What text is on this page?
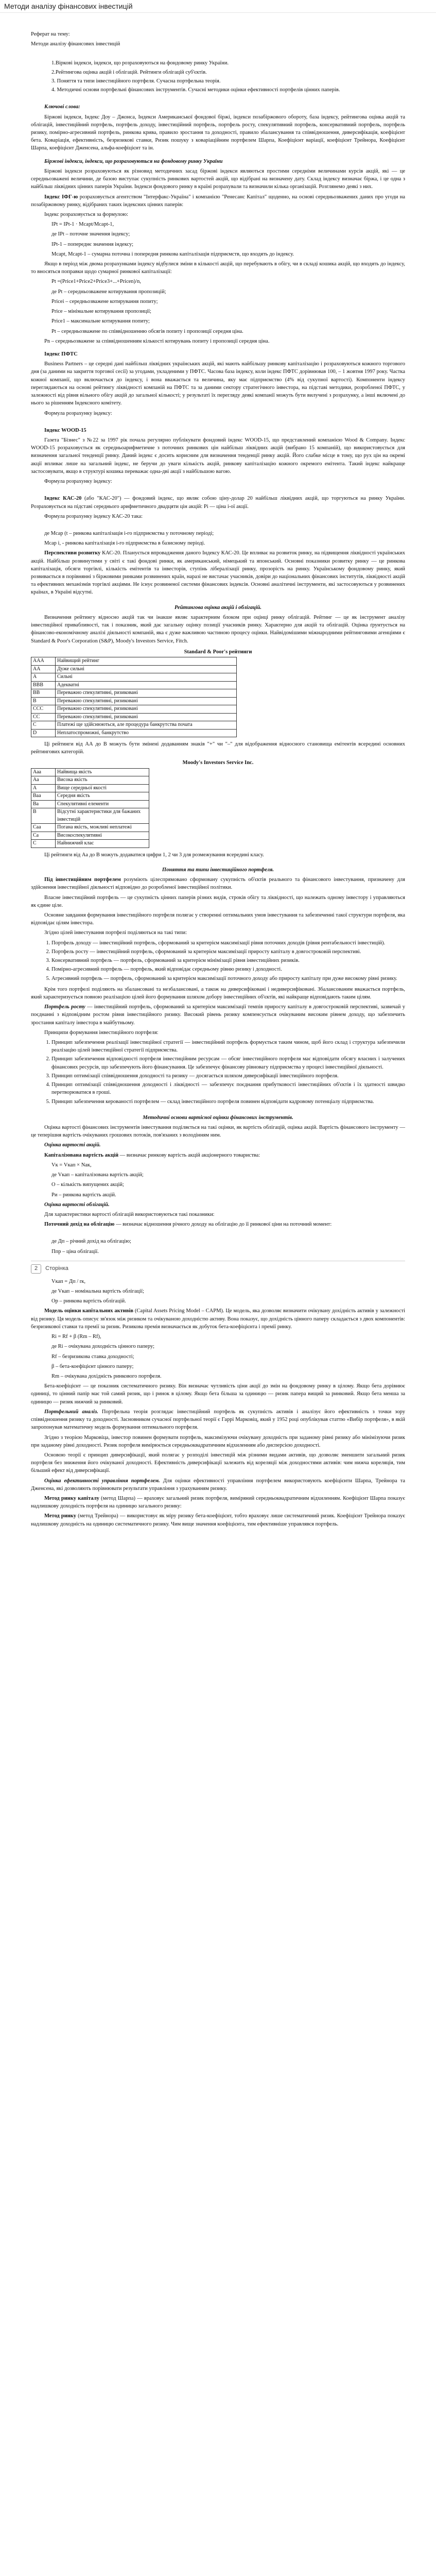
Методи аналізу фінансових інвестицій

Реферат на тему:

Методи аналізу фінансових інвестицій

1.Віркові індекси, індекси, що розраховуються на фондовому ринку України.
2.Рейтингова оцінка акцій і облігацій. Рейтинги облігацій суб'єктів.
3. Поняття та типи інвестиційного портфеля. Сучасна портфельна теорія.
4. Методичні основи портфельні фінансових інструментів. Сучасні методики оцінки ефективності портфелів цінних паперів.

Ключові слова:

Біржові індекси, Індекс Доу – Джонса, Індекси Американської фондової біржі, індекси позабіржового обороту, база індексу, рейтингова оцінка акцій та облігацій, інвестиційний портфель, портфель доходу, інвестиційний портфель, портфель росту, спекулятивний портфель, консервативний портфель, портфель ризику, помірно-агресивний портфель, ринкова крива, правило зростання та доходності, правило збалансування та співвідношення, диверсифікація, коефіцієнт бета. Коваріація, ефективність, безризикові ставки, Ризик пошуку з коваріаційним портфелем Шарпа, Коефіцієнт варіації, коефіцієнт Трейнора, Коефіцієнт Шарпа, коефіцієнт Дженсена, альфа-коефіцієнт та ін.

Біржові індекси, індекси, що розраховуються на фондовому ринку України

Біржові індекси розраховуються як різновид методичних засад біржові індекси являються простими середніми величинами курсів акцій, які — це середньозважені величини, де базою виступає сукупність ринкових вартостей акцій, що відібрані на визначену дату. Склад індексу визначає біржа, і це одна з найбільш ліквідних цінних паперів України. Індекси фондового ринку в країні розрахували та визначили кілька організацій. Розглянемо деякі з них.

Індекс ІФГ-ю розраховується агентством "Інтерфакс-Україна" і компанією "Ренесанс Капітал" щоденно, на основі середньозважених даних про угоди на позабіржовому ринку, відібраних таких індексних цінних паперів:

Індекс розраховується за формулою:

IРt = ІРt-1 · Mcapt/Mcapt-1,

де ІРt – поточне значення індексу;

ІРt-1 – попереднє значення індексу;

Mcapt, Mcapt-1 – сумарна поточна і попередня ринкова капіталізація підприємств, що входять до індексу.

Якщо в період між двома розрахунками індексу відбулися зміни в кількості акцій, що перебувають в обігу, чи в складі кошика акцій, що входять до індексу, то вносяться поправки щодо сумарної ринкової капіталізації:

Рt =(Price1+Price2+Price3+...+Pricen)/n,

де Рt – середньозважене котирування пропозицій;

Pricei – середньозважене котирування попиту;

Price – мінімальне котирування пропозиції;

Price1 – максимальне котирування попиту;

Pt – середньозважене по співвідношенню обсягів попиту і пропозиції середня ціна.

Pn – середньозважене за співвідношенням кількості котирувань попиту і пропозиції середня ціна.

Індекс ПФТС

Business Partners – це середні дані найбільш ліквідних українських акцій, які мають найбільшу ринкову капіталізацію і розраховуються кожного торгового дня (за даними на закриття торгової сесії) за угодами, укладеними у ПФТС. Часова база індексу, коли індекс ПФТС дорівнював 100, – 1 жовтня 1997 року. Частка кожної компанії, що включається до індексу, і вона вважається та величина, яку має підприємство (4% від сукупної вартості). Компоненти індексу переглядаються на основі рейтингу ліквідності компаній на ПФТС та за даними сектору стратегічного інвестора, на підставі методики, розробленої ПФТС, у залежності від рівня вільного обігу акцій до загальної кількості; у результаті їх перегляду деякі компанії можуть бути вилучені з розрахунку, а інші включені до нього за рішенням Індексного комітету.

Формула розрахунку індексу:

Індекс WOOD-15

Газета "Бізнес" з №22 за 1997 рік почала регулярно публікувати фондовий індекс WOOD-15, що представлений компанією Wood & Company. Індекс WOOD-15 розраховується як середньоарифметичне з поточних ринкових цін найбільш ліквідних акцій (вибрано 15 компаній), що використовується для визначення загальної тенденції ринку. Даний індекс є досить корисним для визначення тенденції ринку акцій. Його слабке місце в тому, що рух цін на окремі акції впливає лише на загальний індекс, не беручи до уваги кількість акцій, ринкову капіталізацію кожного окремого емітента. Такий індекс найкраще застосовувати, якщо в структурі кошика переважає одна-дві акції з найбільшою вагою.

Формула розрахунку індексу:

Індекс КАС-20 (або "КАС-20") — фондовий індекс, що являє собою ціну-долар 20 найбільш ліквідних акцій, що торгуються на ринку України. Розраховується на підставі середнього арифметичного двадцяти цін акцій: Рi — ціна і-ої акції.

Формула розрахунку індексу КАС-20 така:

де Mcap (t – ринкова капіталізація і-го підприємства у поточному періоді;

Mcap i, - ринкова капіталізація і-го підприємства в базисному періоді.

Перспективи розвитку КАС-20. Планується впровадження даного Індексу КАС-20. Це впливає на розвиток ринку, на підвищення ліквідності українських акцій. Найбільш розвинутими у світі є такі фондові ринки, як американський, німецький та японський. Основні показники розвитку ринку — це ринкова капіталізація, обсяги торгівлі, кількість емітентів та інвесторів, ступінь лібералізації ринку, прозорість на ринку. Українському фондовому ринку, який розвивається в порівнянні з біржовими ринками розвинених країн, наразі не вистачає учасників, довіри до національних фінансових інститутів, ліквідності акцій та ефективних механізмів торгівлі акціями. Не існує розвиненої системи фінансових індексів. Основні аналітичні інструменти, які застосовуються у розвинених країнах, в Україні відсутні.

Рейтингова оцінка акцій і облігацій.

Визначення рейтингу відносно акцій так чи інакше являє характерним блоком при оцінці ринку облігацій. Рейтинг — це як інструмент аналізу інвестиційної привабливості, так і показник, який дає загальну оцінку позиції учасників ринку. Характерно для акцій та облігацій. Оцінка ґрунтується на фінансово-економічному аналізі діяльності компаній, яка є дуже важливою частиною процесу оцінки. Найвідомішими міжнародними рейтинговими агенціями є Standard & Poor's Corporation (S&P), Moody's Investors Service, Fitch.

Standard & Poor's рейтинги

ААА	Найвищий рейтинг
АА	Дуже сильні
А	Сильні
ВВВ	Адекватні
ВВ	Переважно спекулятивні, ризиковані
В	Переважно спекулятивні, ризиковані
ССС	Переважно спекулятивні, ризиковані
СС	Переважно спекулятивні, ризиковані
С	Платежі ще здійснюються, але процедура банкрутства почата
D	Неплатоспроможні, банкрутство

Ці рейтинги від АА до В можуть бути змінені додаванням знаків "+" чи "–" для відображення відносного становища емітентів всередині основних рейтингових категорій.

Moody's Investors Service Inc.

Ааа	Найвища якість
Аа	Висока якість
А	Вище середньої якості
Ваа	Середня якість
Ва	Спекулятивні елементи
В	Відсутні характеристики для бажаних інвестицій
Саа	Погана якість, можливі неплатежі
Са	Високоспекулятивні
С	Найнижчий клас

Ці рейтинги від Аа до В можуть додаватися цифри 1, 2 чи 3 для розмежування всередині класу.

Поняття та типи інвестиційного портфеля.

Під інвестиційним портфелем розуміють цілеспрямовано сформовану сукупність об'єктів реального та фінансового інвестування, призначену для здійснення інвестиційної діяльності відповідно до розробленої інвестиційної політики.

Власне інвестиційний портфель — це сукупність цінних паперів різних видів, строків обігу та ліквідності, що належать одному інвестору і управляються як єдине ціле.

Основне завдання формування інвестиційного портфеля полягає у створенні оптимальних умов інвестування та забезпеченні такої структури портфеля, яка відповідає цілям інвестора.

Згідно цілей інвестування портфелі поділяються на такі типи:

1. Портфель доходу — інвестиційний портфель, сформований за критерієм максимізації рівня поточних доходів (рівня рентабельності інвестицій).
2. Портфель росту — інвестиційний портфель, сформований за критерієм максимізації приросту капіталу в довгостроковій перспективі.
3. Консервативний портфель — портфель, сформований за критерієм мінімізації рівня інвестиційних ризиків.
4. Помірно-агресивний портфель — портфель, який відповідає середньому рівню ризику і доходності.
5. Агресивний портфель — портфель, сформований за критерієм максимізації поточного доходу або приросту капіталу при дуже високому рівні ризику.

Крім того портфелі поділяють на збалансовані та незбалансовані, а також на диверсифіковані і недиверсифіковані. Збалансованим вважається портфель, який характеризується повною реалізацією цілей його формування шляхом добору інвестиційних об'єктів, які найкраще відповідають таким цілям.

Портфель росту — інвестиційний портфель, сформований за критерієм максимізації темпів приросту капіталу в довгостроковій перспективі, зазвичай у поєднанні з відповідним ростом рівня інвестиційного ризику. Високий рівень ризику компенсується очікуваним високим рівнем доходу, що забезпечить зростання капіталу інвестора в майбутньому.

Принципи формування інвестиційного портфеля:

1. Принцип забезпечення реалізації інвестиційної стратегії — інвестиційний портфель формується таким чином, щоб його склад і структура забезпечили реалізацію цілей інвестиційної стратегії підприємства.
2. Принцип забезпечення відповідності портфеля інвестиційним ресурсам — обсяг інвестиційного портфеля має відповідати обсягу власних і залучених фінансових ресурсів, що забезпечують його фінансування. Це забезпечує фінансову рівновагу підприємства у процесі інвестиційної діяльності.
3. Принцип оптимізації співвідношення доходності та ризику — досягається шляхом диверсифікації інвестиційного портфеля.
4. Принцип оптимізації співвідношення доходності і ліквідності — забезпечує поєднання прибутковості інвестиційних об'єктів і їх здатності швидко перетворюватися в гроші.
5. Принцип забезпечення керованості портфелем — склад інвестиційного портфеля повинен відповідати кадровому потенціалу підприємства.

Методичні основи вартісної оцінки фінансових інструментів.

Оцінка вартості фінансових інструментів інвестування поділяється на такі оцінки, як вартість облігацій, оцінка акцій. Вартість фінансового інструменту — це теперішня вартість очікуваних грошових потоків, пов'язаних з володінням ним.

Оцінка вартості акцій.

Капіталізована вартість акцій — визначає ринкову вартість акцій акціонерного товариства:

Vк = Vкап × Nак,

де Vкап – капіталізована вартість акцій;

O – кількість випущених акцій;

Ри – ринкова вартість акцій.

Оцінка вартості облігацій.

Для характеристики вартості облігацій використовуються такі показники:

Поточний дохід на облігацію — визначає відношення річного доходу на облігацію до її ринкової ціни на поточний момент:

де Дп – річний дохід на облігацію;

Ппр – ціна облігації.

2	Сторінка

Vкап = Дп / rк,

де Vкап – номінальна вартість облігації;

Ор – ринкова вартість облігацій.

Модель оцінки капітальних активів (Capital Assets Pricing Model – CAPM). Це модель, яка дозволяє визначити очікувану дохідність активів у залежності від ризику. Ця модель описує зв'язок між ризиком та очікуваною доходністю активу. Вона показує, що дохідність цінного паперу складається з двох компонентів: безризикової ставки та премії за ризик. Ризикова премія визначається як добуток бета-коефіцієнта і премії ринку.

Rі = Rf + β (Rm – Rf),

де Rі – очікувана доходність цінного паперу;

Rf – безризикова ставка доходності;

β – бета-коефіцієнт цінного паперу;

Rm – очікувана дохідність ринкового портфеля.

Бета-коефіцієнт — це показник систематичного ризику. Він визначає чутливість ціни акції до змін на фондовому ринку в цілому. Якщо бета дорівнює одиниці, то цінний папір має той самий ризик, що і ринок в цілому. Якщо бета більша за одиницю — ризик папера вищий за ринковий. Якщо бета менша за одиницю — ризик нижчий за ринковий.

Портфельний аналіз. Портфельна теорія розглядає інвестиційний портфель як сукупність активів і аналізує його ефективність з точки зору співвідношення ризику та доходності. Засновником сучасної портфельної теорії є Гаррі Марковіц, який у 1952 році опублікував статтю «Вибір портфеля», в якій запропонував математичну модель формування оптимального портфеля.

Згідно з теорією Марковіца, інвестор повинен формувати портфель, максимізуючи очікувану доходність при заданому рівні ризику або мінімізуючи ризик при заданому рівні доходності. Ризик портфеля вимірюється середньоквадратичним відхиленням або дисперсією доходності.

Основою теорії є принцип диверсифікації, який полягає у розподілі інвестицій між різними видами активів, що дозволяє зменшити загальний ризик портфеля без зниження його очікуваної доходності. Ефективність диверсифікації залежить від кореляції між доходностями активів: чим нижча кореляція, тим більший ефект від диверсифікації.

Оцінка ефективності управління портфелем. Для оцінки ефективності управління портфелем використовують коефіцієнти Шарпа, Трейнора та Дженсена, які дозволяють порівнювати результати управління з урахуванням ризику.

Метод ринку капіталу (метод Шарпа) — враховує загальний ризик портфеля, виміряний середньоквадратичним відхиленням. Коефіцієнт Шарпа показує надлишкову доходність портфеля на одиницю загального ризику:

Метод ринку (метод Трейнора) — використовує як міру ризику бета-коефіцієнт, тобто враховує лише систематичний ризик. Коефіцієнт Трейнора показує надлишкову доходність на одиницю систематичного ризику. Чим вище значення коефіцієнта, тим ефективніше управлявся портфель.
